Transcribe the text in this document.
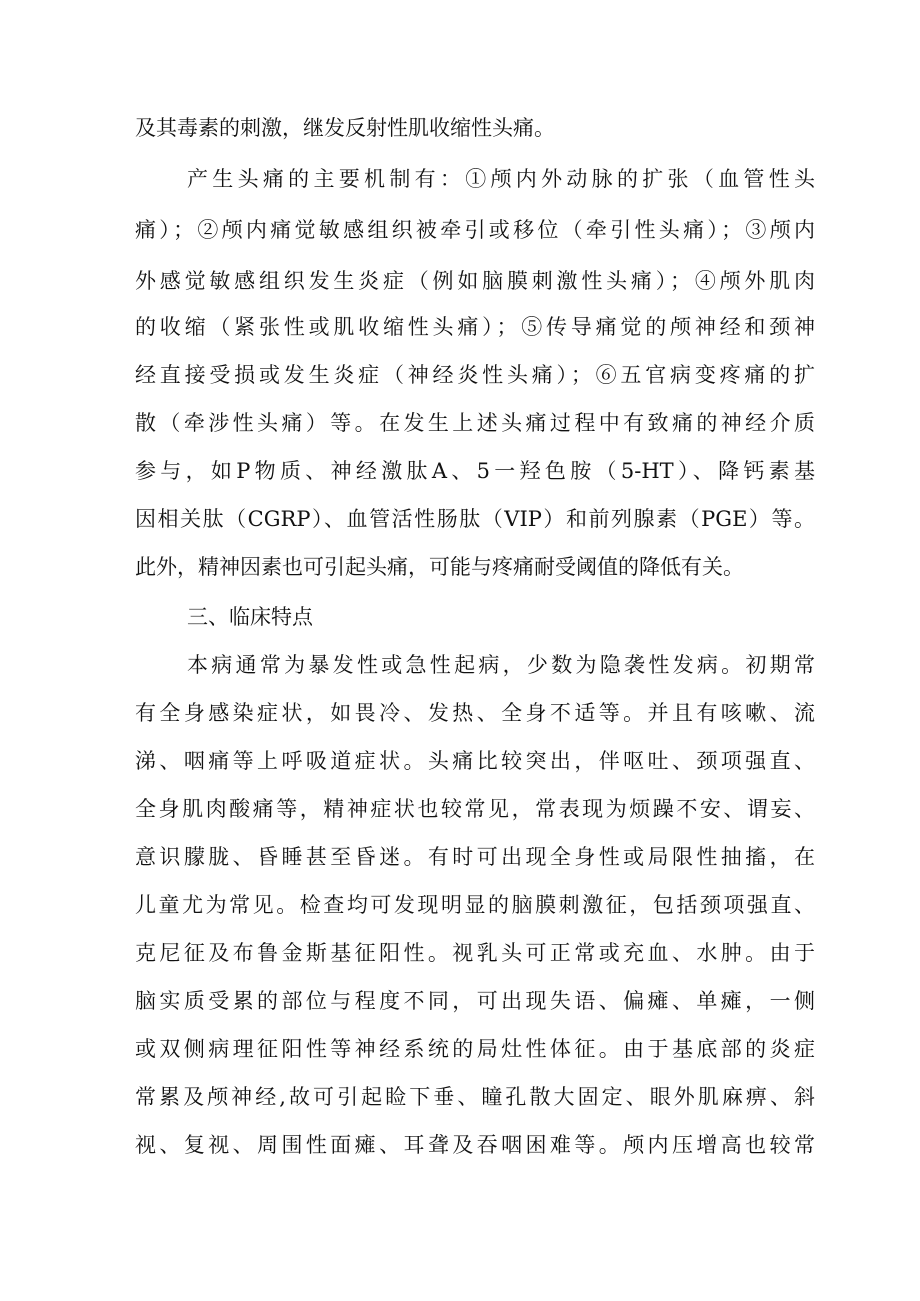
及其毒素的刺激，继发反射性肌收缩性头痛。
产生头痛的主要机制有：①颅内外动脉的扩张（血管性头
痛）；②颅内痛觉敏感组织被牵引或移位（牵引性头痛）；③颅内
外感觉敏感组织发生炎症（例如脑膜刺激性头痛）；④颅外肌肉
的收缩（紧张性或肌收缩性头痛）；⑤传导痛觉的颅神经和颈神
经直接受损或发生炎症（神经炎性头痛）；⑥五官病变疼痛的扩
散（牵涉性头痛）等。在发生上述头痛过程中有致痛的神经介质
参与，如P物质、神经激肽A、5一羟色胺（5-HT）、降钙素基
因相关肽（CGRP）、血管活性肠肽（VIP）和前列腺素（PGE）等。
此外，精神因素也可引起头痛，可能与疼痛耐受阈值的降低有关。
三、临床特点
本病通常为暴发性或急性起病，少数为隐袭性发病。初期常
有全身感染症状，如畏冷、发热、全身不适等。并且有咳嗽、流
涕、咽痛等上呼吸道症状。头痛比较突出，伴呕吐、颈项强直、
全身肌肉酸痛等，精神症状也较常见，常表现为烦躁不安、谓妄、
意识朦胧、昏睡甚至昏迷。有时可出现全身性或局限性抽搐，在
儿童尤为常见。检查均可发现明显的脑膜刺激征，包括颈项强直、
克尼征及布鲁金斯基征阳性。视乳头可正常或充血、水肿。由于
脑实质受累的部位与程度不同，可出现失语、偏瘫、单瘫，一侧
或双侧病理征阳性等神经系统的局灶性体征。由于基底部的炎症
常累及颅神经,故可引起睑下垂、瞳孔散大固定、眼外肌麻痹、斜
视、复视、周围性面瘫、耳聋及吞咽困难等。颅内压增高也较常
